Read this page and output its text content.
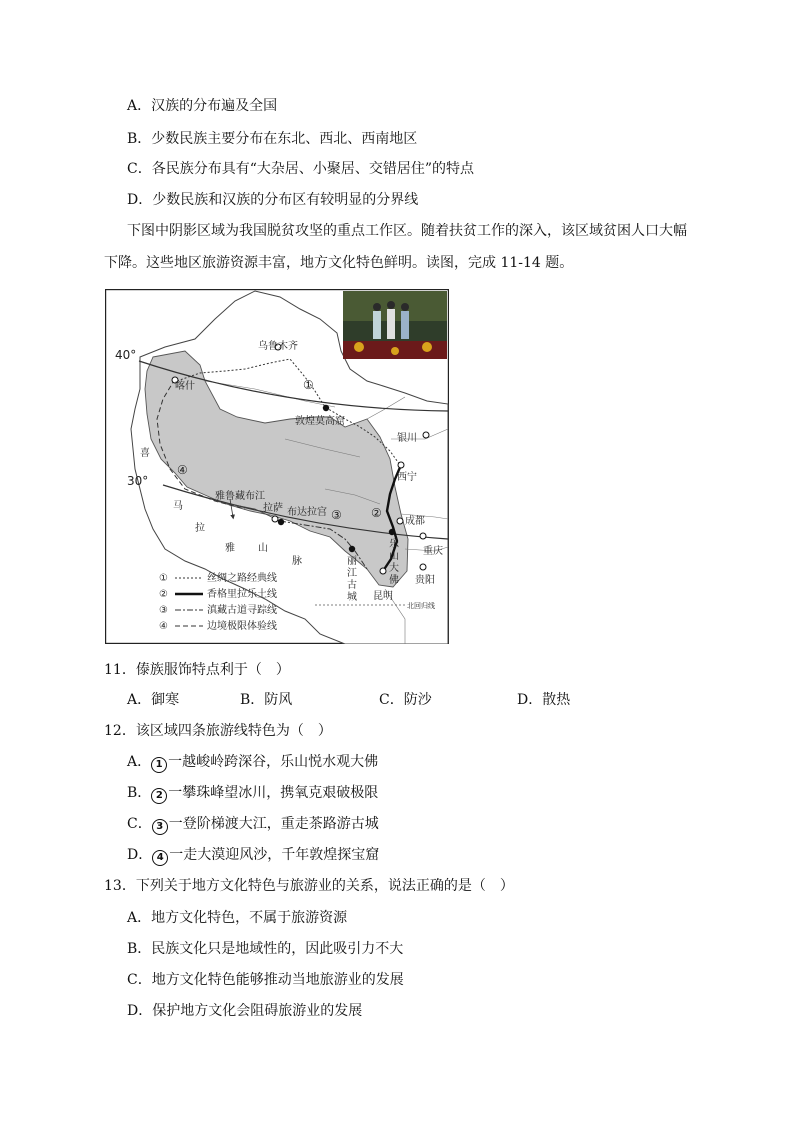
A．汉族的分布遍及全国
B．少数民族主要分布在东北、西北、西南地区
C．各民族分布具有“大杂居、小聚居、交错居住”的特点
D．少数民族和汉族的分布区有较明显的分界线
下图中阴影区域为我国脱贫攻坚的重点工作区。随着扶贫工作的深入，该区域贫困人口大幅
下降。这些地区旅游资源丰富，地方文化特色鲜明。读图，完成 11-14 题。
40°
30°
乌鲁木齐
喀什
敦煌莫高窟
银川
西宁
拉萨 布达拉宫
成都
重庆
贵阳
昆明
雅鲁藏布江
北回归线
喜
马
拉
雅 山
脉	丽
江
古
城
乐
山
大
佛
①
②
③
④
①	丝绸之路经典线
②	香格里拉乐土线
③	滇藏古道寻踪线
④	边境极限体验线
11．傣族服饰特点利于（　）
A．御寒	B．防风	C．防沙	D．散热
12．该区域四条旅游线特色为（　）
A． 1 一越峻岭跨深谷，乐山悦水观大佛
B． 2 一攀珠峰望冰川，携氧克艰破极限
C． 3 一登阶梯渡大江，重走茶路游古城
D． 4 一走大漠迎风沙，千年敦煌探宝窟
13．下列关于地方文化特色与旅游业的关系，说法正确的是（　）
A．地方文化特色，不属于旅游资源
B．民族文化只是地域性的，因此吸引力不大
C．地方文化特色能够推动当地旅游业的发展
D．保护地方文化会阻碍旅游业的发展
